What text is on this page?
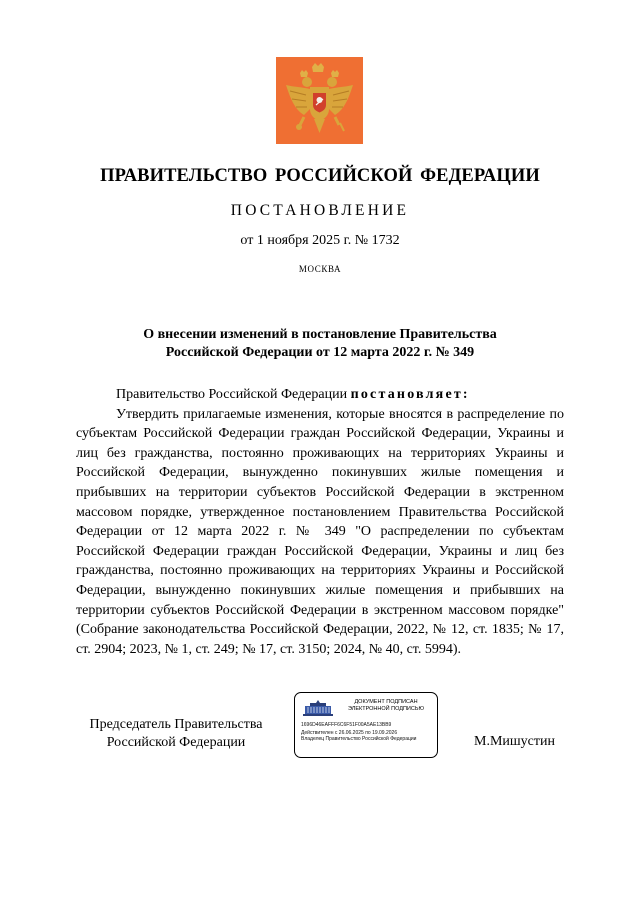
ПРАВИТЕЛЬСТВО РОССИЙСКОЙ ФЕДЕРАЦИИ
ПОСТАНОВЛЕНИЕ
от 1 ноября 2025 г. № 1732
МОСКВА
О внесении изменений в постановление Правительства
Российской Федерации от 12 марта 2022 г. № 349

Правительство Российской Федерации постановляет:

Утвердить прилагаемые изменения, которые вносятся в распределение по субъектам Российской Федерации граждан Российской Федерации, Украины и лиц без гражданства, постоянно проживающих на территориях Украины и Российской Федерации, вынужденно покинувших жилые помещения и прибывших на территории субъектов Российской Федерации в экстренном массовом порядке, утвержденное постановлением Правительства Российской Федерации от 12 марта 2022 г. № 349 "О распределении по субъектам Российской Федерации граждан Российской Федерации, Украины и лиц без гражданства, постоянно проживающих на территориях Украины и Российской Федерации, вынужденно покинувших жилые помещения и прибывших на территории субъектов Российской Федерации в экстренном массовом порядке" (Собрание законодательства Российской Федерации, 2022, № 12, ст. 1835; № 17, ст. 2904; 2023, № 1, ст. 249; № 17, ст. 3150; 2024, № 40, ст. 5994).

Председатель Правительства
Российской Федерации
ДОКУМЕНТ ПОДПИСАН
ЭЛЕКТРОННОЙ ПОДПИСЬЮ
1696D46EAFFF6C6F51F00A5AE13BB9
Действителен с 26.06.2025 по 19.09.2026
Владелец Правительство Российской Федерации	М.Мишустин
